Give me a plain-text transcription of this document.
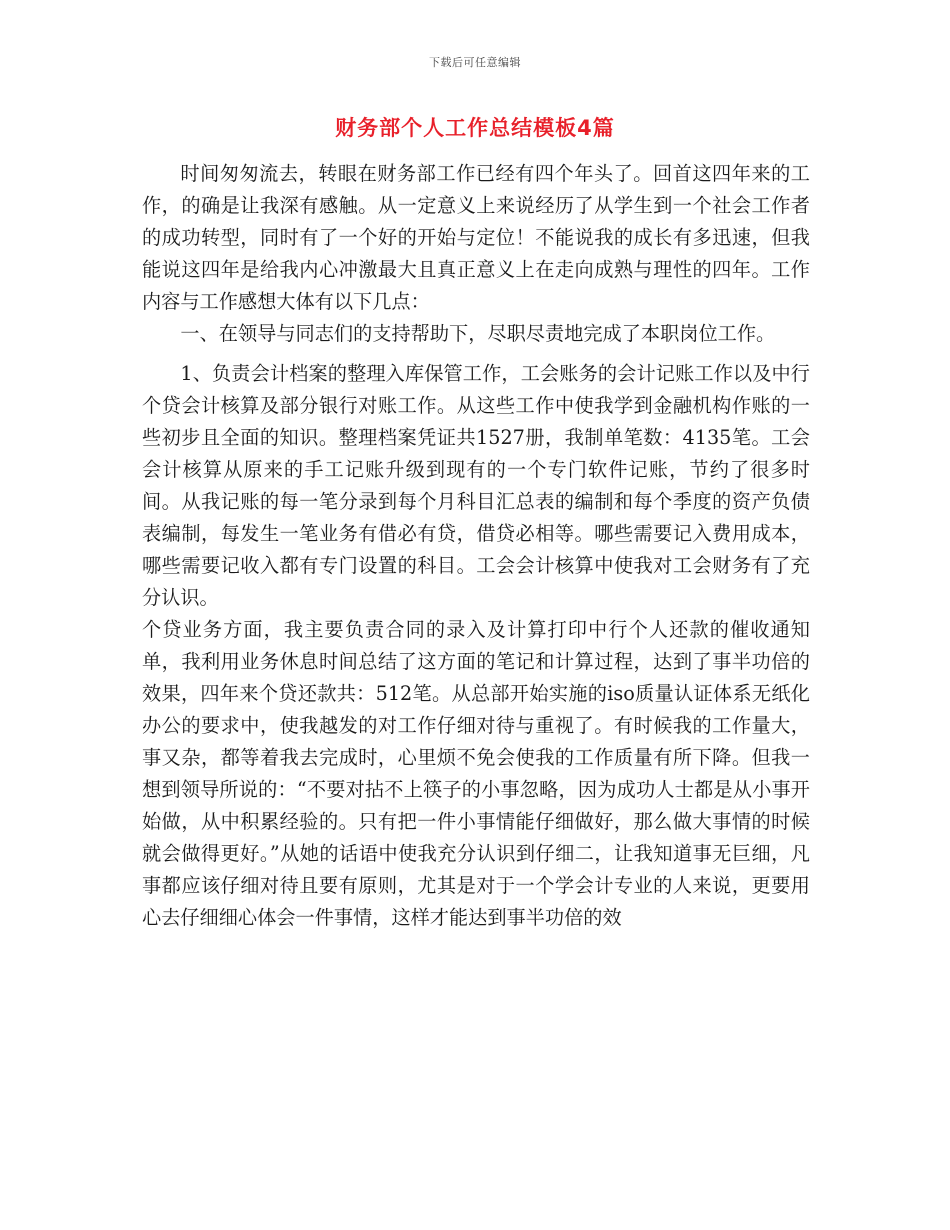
下载后可任意编辑
财务部个人工作总结模板4篇

时间匆匆流去，转眼在财务部工作已经有四个年头了。回首这四年来的工作，的确是让我深有感触。从一定意义上来说经历了从学生到一个社会工作者的成功转型，同时有了一个好的开始与定位！不能说我的成长有多迅速，但我能说这四年是给我内心冲激最大且真正意义上在走向成熟与理性的四年。工作内容与工作感想大体有以下几点：

一、在领导与同志们的支持帮助下，尽职尽责地完成了本职岗位工作。

1、负责会计档案的整理入库保管工作，工会账务的会计记账工作以及中行个贷会计核算及部分银行对账工作。从这些工作中使我学到金融机构作账的一些初步且全面的知识。整理档案凭证共1527册，我制单笔数：4135笔。工会会计核算从原来的手工记账升级到现有的一个专门软件记账，节约了很多时间。从我记账的每一笔分录到每个月科目汇总表的编制和每个季度的资产负债表编制，每发生一笔业务有借必有贷，借贷必相等。哪些需要记入费用成本，哪些需要记收入都有专门设置的科目。工会会计核算中使我对工会财务有了充分认识。

个贷业务方面，我主要负责合同的录入及计算打印中行个人还款的催收通知单，我利用业务休息时间总结了这方面的笔记和计算过程，达到了事半功倍的效果，四年来个贷还款共：512笔。从总部开始实施的iso质量认证体系无纸化办公的要求中，使我越发的对工作仔细对待与重视了。有时候我的工作量大，事又杂，都等着我去完成时，心里烦不免会使我的工作质量有所下降。但我一想到领导所说的：“不要对拈不上筷子的小事忽略，因为成功人士都是从小事开始做，从中积累经验的。只有把一件小事情能仔细做好，那么做大事情的时候就会做得更好。”从她的话语中使我充分认识到仔细二，让我知道事无巨细，凡事都应该仔细对待且要有原则，尤其是对于一个学会计专业的人来说，更要用心去仔细细心体会一件事情，这样才能达到事半功倍的效
